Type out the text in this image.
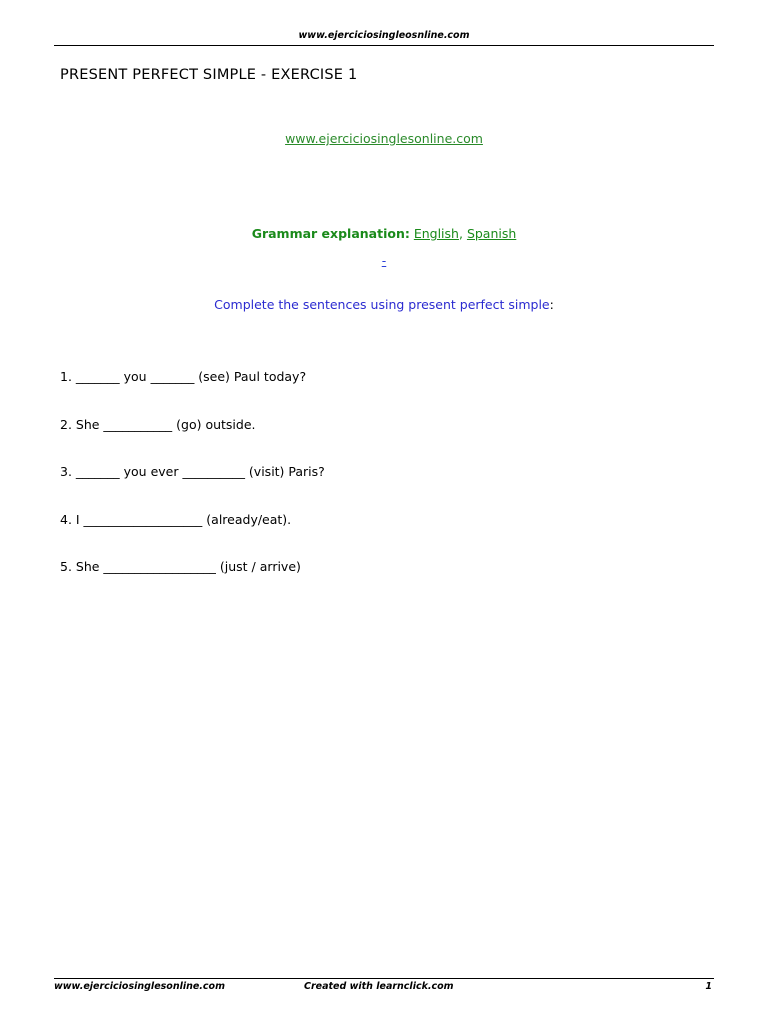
www.ejerciciosingleosnline.com
PRESENT PERFECT SIMPLE - EXERCISE 1
www.ejerciciosinglesonline.com
Grammar explanation: English, Spanish
-
Complete the sentences using present perfect simple:
1. _______ you _______ (see) Paul today?
2. She ___________ (go) outside.
3. _______ you ever __________ (visit) Paris?
4. I ___________________ (already/eat).
5. She __________________ (just / arrive)
www.ejerciciosinglesonline.com	Created with learnclick.com	1
